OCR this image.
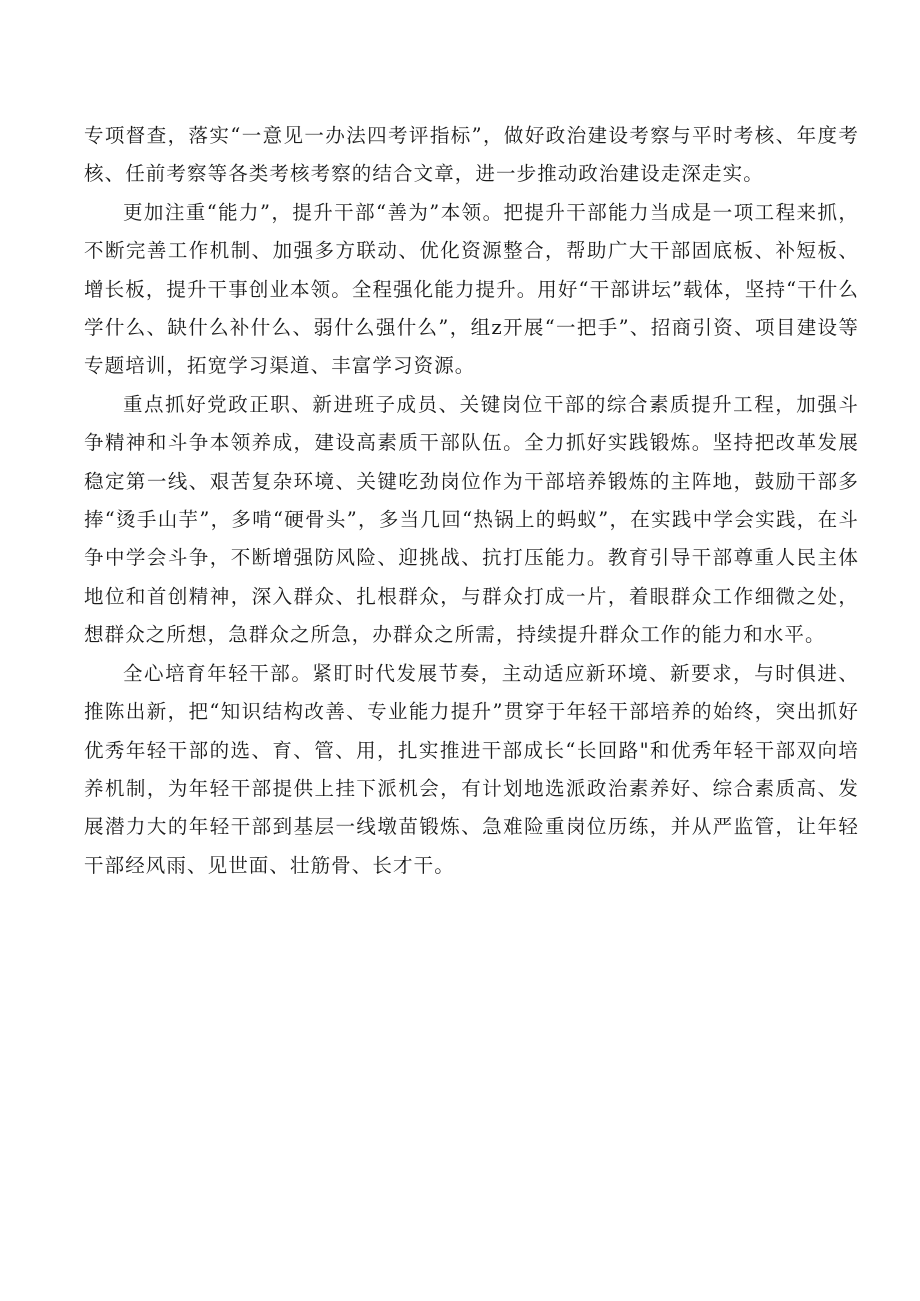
专项督查，落实“一意见一办法四考评指标”，做好政治建设考察与平时考核、年度考核、任前考察等各类考核考察的结合文章，进一步推动政治建设走深走实。

更加注重“能力”，提升干部“善为”本领。把提升干部能力当成是一项工程来抓，不断完善工作机制、加强多方联动、优化资源整合，帮助广大干部固底板、补短板、增长板，提升干事创业本领。全程强化能力提升。用好“干部讲坛”载体，坚持“干什么学什么、缺什么补什么、弱什么强什么”，组z开展“一把手”、招商引资、项目建设等专题培训，拓宽学习渠道、丰富学习资源。

重点抓好党政正职、新进班子成员、关键岗位干部的综合素质提升工程，加强斗争精神和斗争本领养成，建设高素质干部队伍。全力抓好实践锻炼。坚持把改革发展稳定第一线、艰苦复杂环境、关键吃劲岗位作为干部培养锻炼的主阵地，鼓励干部多捧“烫手山芋”，多啃“硬骨头”，多当几回“热锅上的蚂蚁”，在实践中学会实践，在斗争中学会斗争，不断增强防风险、迎挑战、抗打压能力。教育引导干部尊重人民主体地位和首创精神，深入群众、扎根群众，与群众打成一片，着眼群众工作细微之处，想群众之所想，急群众之所急，办群众之所需，持续提升群众工作的能力和水平。

全心培育年轻干部。紧盯时代发展节奏，主动适应新环境、新要求，与时俱进、推陈出新，把“知识结构改善、专业能力提升”贯穿于年轻干部培养的始终，突出抓好优秀年轻干部的选、育、管、用，扎实推进干部成长“长回路"和优秀年轻干部双向培养机制，为年轻干部提供上挂下派机会，有计划地选派政治素养好、综合素质高、发展潜力大的年轻干部到基层一线墩苗锻炼、急难险重岗位历练，并从严监管，让年轻干部经风雨、见世面、壮筋骨、长才干。
